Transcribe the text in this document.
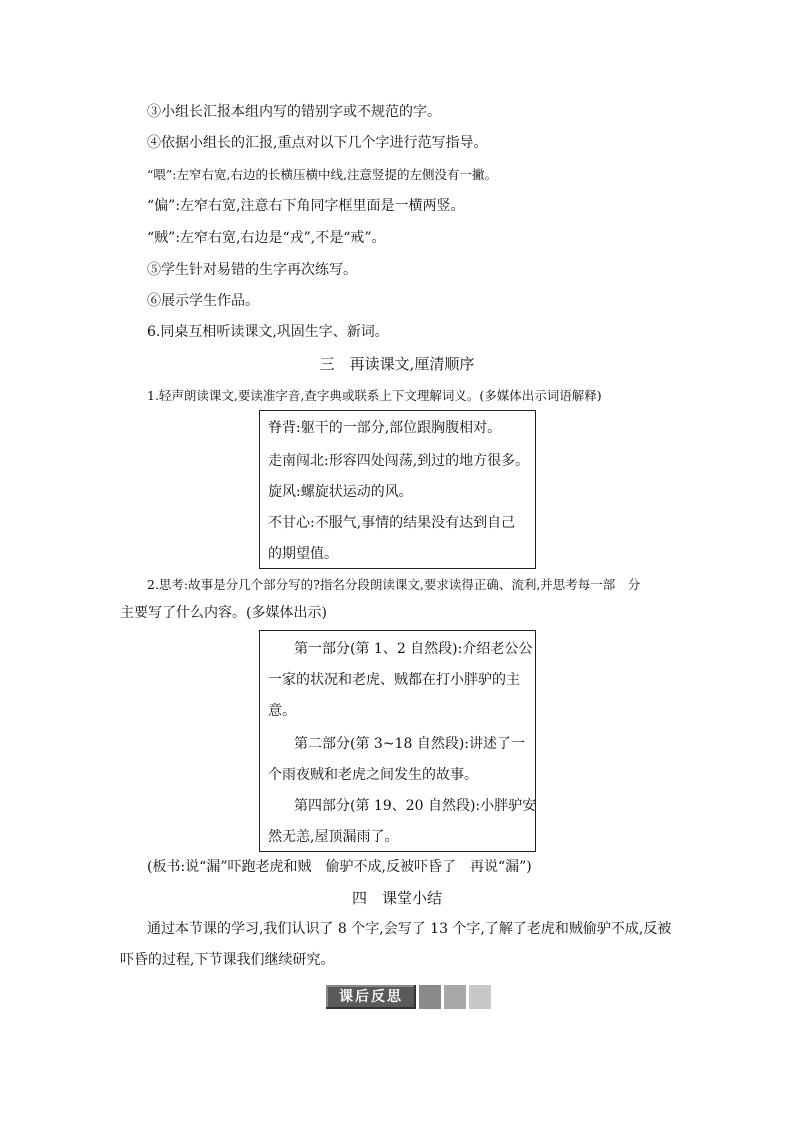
③小组长汇报本组内写的错别字或不规范的字。
④依据小组长的汇报,重点对以下几个字进行范写指导。
“喂”:左窄右宽,右边的长横压横中线,注意竖提的左侧没有一撇。
“偏”:左窄右宽,注意右下角同字框里面是一横两竖。
“贼”:左窄右宽,右边是“戎”,不是“戒”。
⑤学生针对易错的生字再次练写。
⑥展示学生作品。
6.同桌互相听读课文,巩固生字、新词。
三　再读课文,厘清顺序
1.轻声朗读课文,要读准字音,查字典或联系上下文理解词义。(多媒体出示词语解释)
脊背:躯干的一部分,部位跟胸腹相对。
走南闯北:形容四处闯荡,到过的地方很多。
旋风:螺旋状运动的风。
不甘心:不服气,事情的结果没有达到自己
的期望值。
2.思考:故事是分几个部分写的?指名分段朗读课文,要求读得正确、流利,并思考每一部　分
主要写了什么内容。(多媒体出示)
第一部分(第 1、2 自然段):介绍老公公
一家的状况和老虎、贼都在打小胖驴的主
意。
第二部分(第 3~18 自然段):讲述了一
个雨夜贼和老虎之间发生的故事。
第四部分(第 19、20 自然段):小胖驴安
然无恙,屋顶漏雨了。
(板书:说“漏”吓跑老虎和贼　偷驴不成,反被吓昏了　再说“漏”)
四　课堂小结
通过本节课的学习,我们认识了 8 个字,会写了 13 个字,了解了老虎和贼偷驴不成,反被
吓昏的过程,下节课我们继续研究。
课后反思
